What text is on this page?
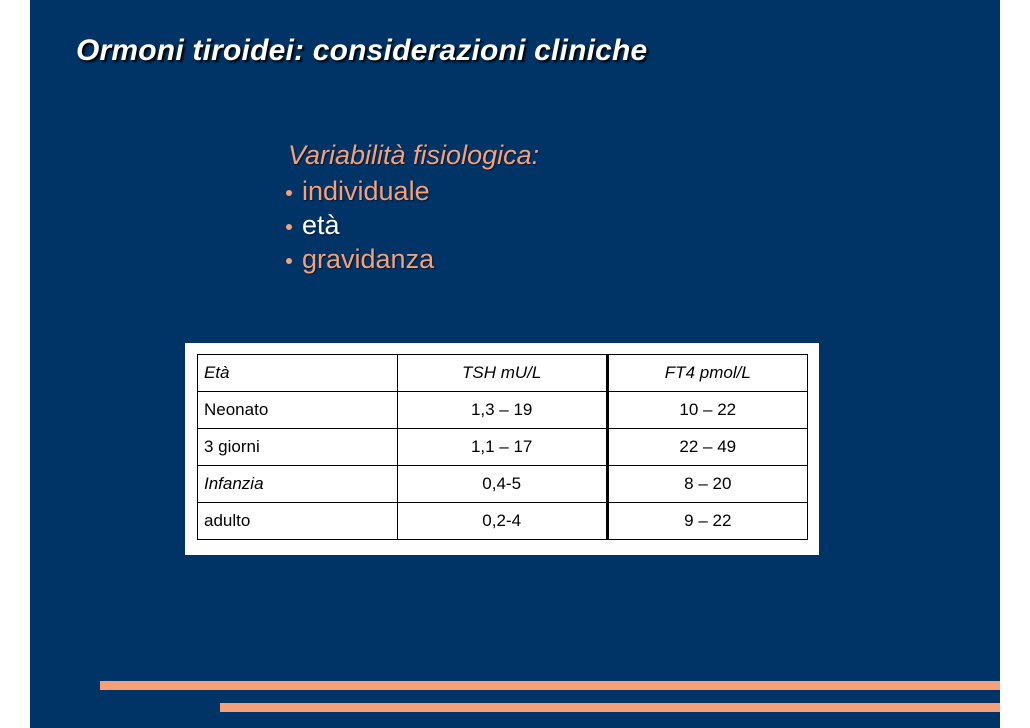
Ormoni tiroidei: considerazioni cliniche
Variabilità fisiologica:
individuale
età
gravidanza
Età	TSH mU/L	FT4 pmol/L
Neonato	1,3 – 19	10 – 22
3 giorni	1,1 – 17	22 – 49
Infanzia	0,4-5	8 – 20
adulto	0,2-4	9 – 22
